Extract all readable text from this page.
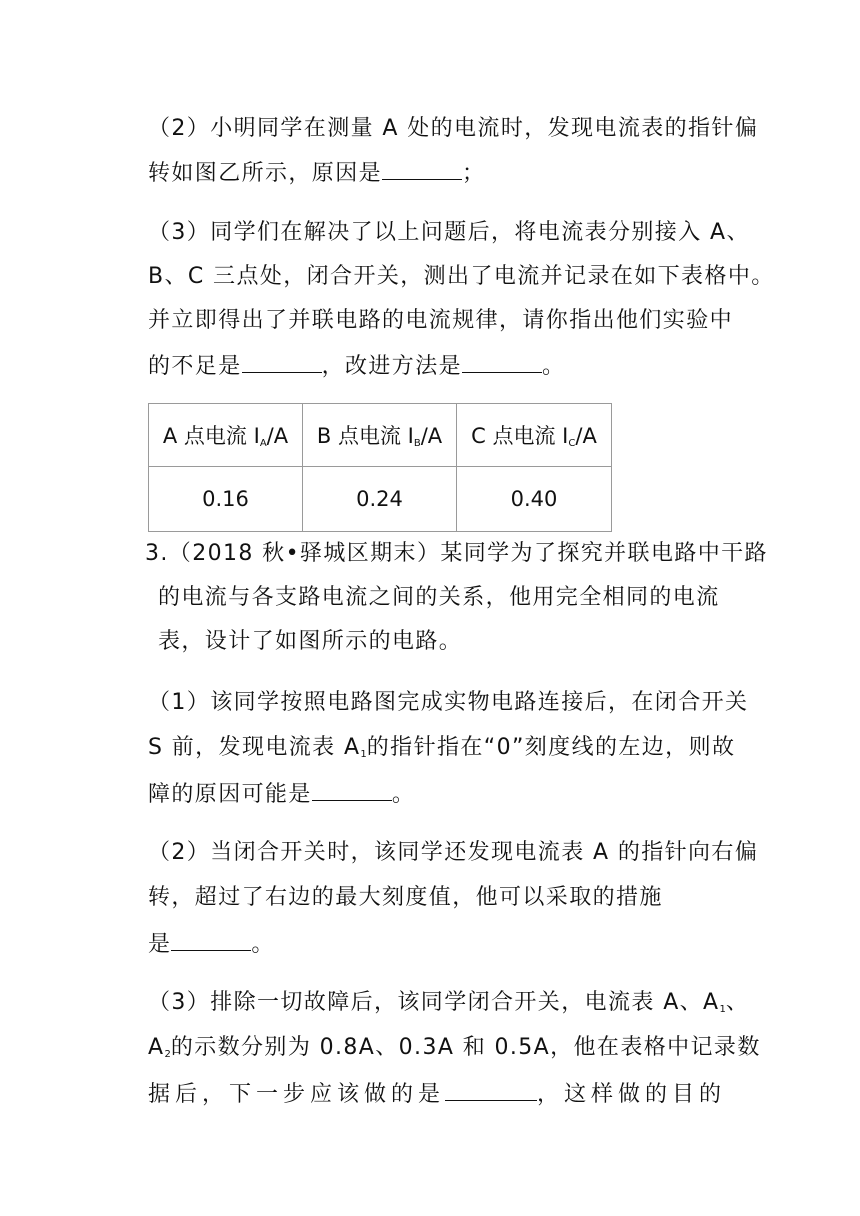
（2）小明同学在测量 A 处的电流时，发现电流表的指针偏
转如图乙所示，原因是	；
（3）同学们在解决了以上问题后，将电流表分别接入 A、
B、C 三点处，闭合开关，测出了电流并记录在如下表格中。
并立即得出了并联电路的电流规律，请你指出他们实验中
的不足是	，改进方法是	。
A 点电流 $I_A/A$	B 点电流 $I_B/A$	C 点电流 $I_C/A$
0.16	0.24	0.40
3.（2018 秋•驿城区期末）某同学为了探究并联电路中干路
的电流与各支路电流之间的关系，他用完全相同的电流
表，设计了如图所示的电路。
（1）该同学按照电路图完成实物电路连接后，在闭合开关
S 前，发现电流表 $A_1$的指针指在“0”刻度线的左边，则故
障的原因可能是	。
（2）当闭合开关时，该同学还发现电流表 A 的指针向右偏
转，超过了右边的最大刻度值，他可以采取的措施
是	。
（3）排除一切故障后，该同学闭合开关，电流表 A、$A_1$、
$A_2$的示数分别为 0.8A、0.3A 和 0.5A，他在表格中记录数
据后，下一步应该做的是	，这样做的目的
